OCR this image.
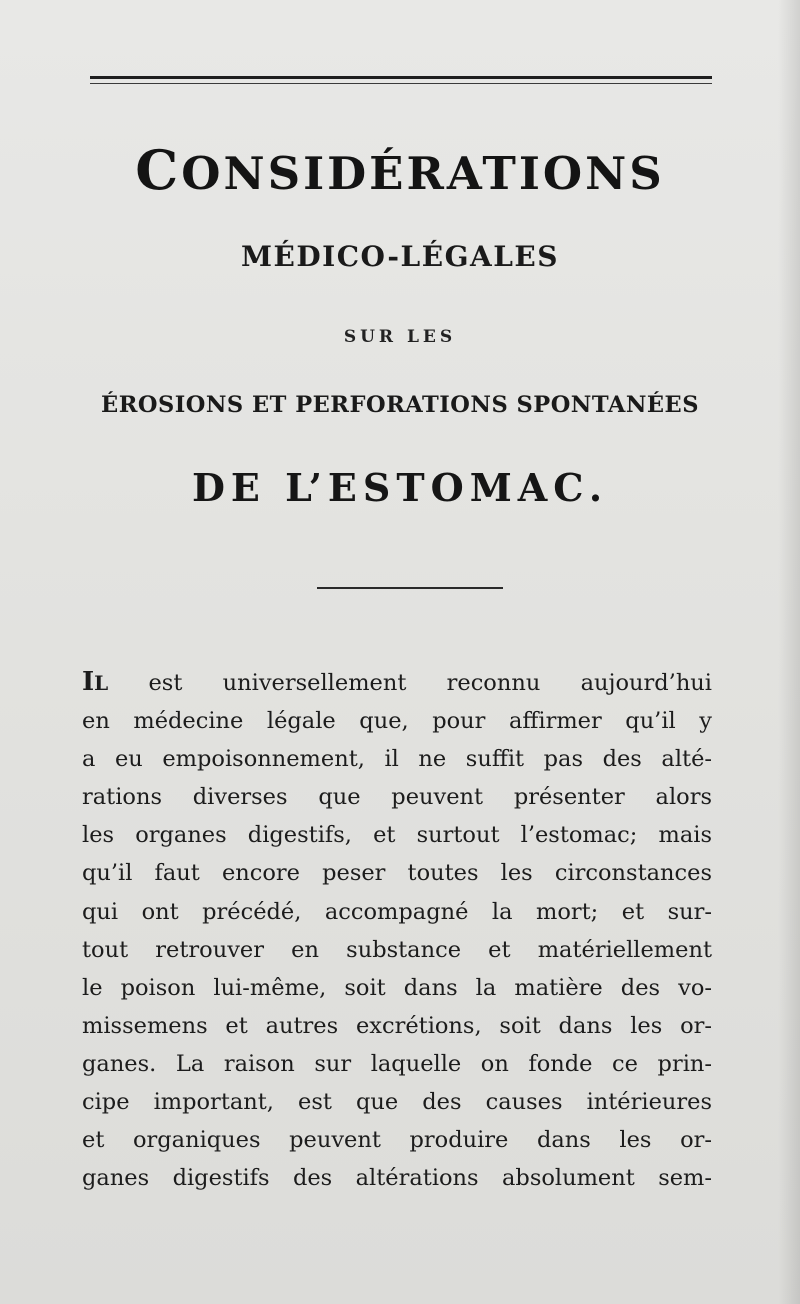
CONSIDÉRATIONS
MÉDICO-LÉGALES
SUR LES
ÉROSIONS ET PERFORATIONS SPONTANÉES
DE L’ESTOMAC.

IL est universellement reconnu aujourd’hui
en médecine légale que, pour affirmer qu’il y
a eu empoisonnement, il ne suffit pas des alté-
rations diverses que peuvent présenter alors
les organes digestifs, et surtout l’estomac; mais
qu’il faut encore peser toutes les circonstances
qui ont précédé, accompagné la mort; et sur-
tout retrouver en substance et matériellement
le poison lui-même, soit dans la matière des vo-
missemens et autres excrétions, soit dans les or-
ganes. La raison sur laquelle on fonde ce prin-
cipe important, est que des causes intérieures
et organiques peuvent produire dans les or-
ganes digestifs des altérations absolument sem-
